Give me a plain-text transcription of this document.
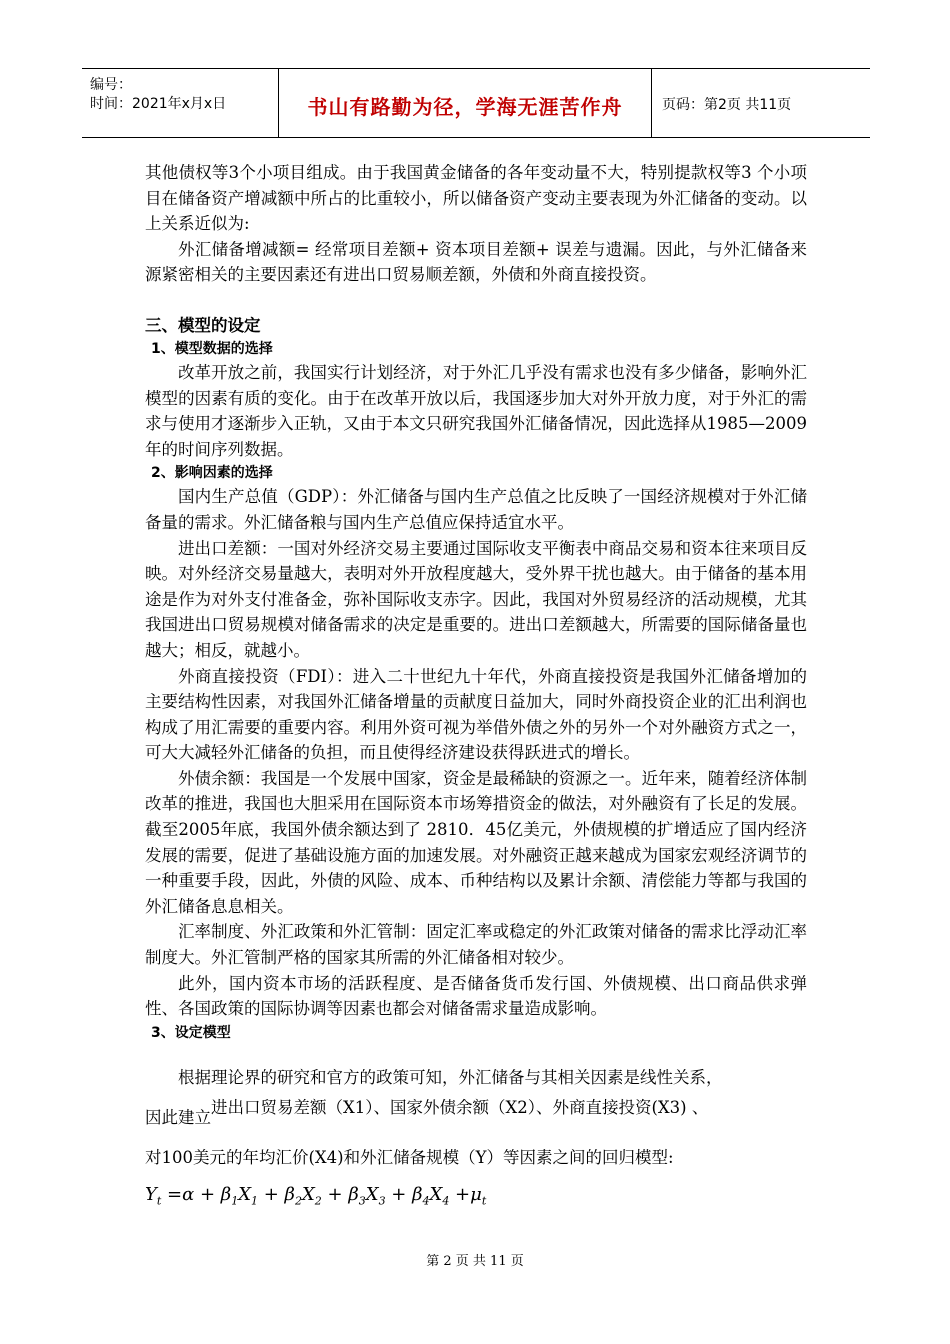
编号：
时间：2021年x月x日	书山有路勤为径，学海无涯苦作舟	页码：第2页 共11页

其他债权等3个小项目组成。由于我国黄金储备的各年变动量不大，特别提款权等3 个小项目在储备资产增减额中所占的比重较小，所以储备资产变动主要表现为外汇储备的变动。以上关系近似为:

外汇储备增减额= 经常项目差额+ 资本项目差额+ 误差与遗漏。因此，与外汇储备来源紧密相关的主要因素还有进出口贸易顺差额，外债和外商直接投资。

三、模型的设定
1、模型数据的选择

改革开放之前，我国实行计划经济，对于外汇几乎没有需求也没有多少储备，影响外汇模型的因素有质的变化。由于在改革开放以后，我国逐步加大对外开放力度，对于外汇的需求与使用才逐渐步入正轨，又由于本文只研究我国外汇储备情况，因此选择从1985—2009年的时间序列数据。

2、影响因素的选择

国内生产总值（GDP）：外汇储备与国内生产总值之比反映了一国经济规模对于外汇储备量的需求。外汇储备粮与国内生产总值应保持适宜水平。

进出口差额：一国对外经济交易主要通过国际收支平衡表中商品交易和资本往来项目反映。对外经济交易量越大，表明对外开放程度越大，受外界干扰也越大。由于储备的基本用途是作为对外支付准备金，弥补国际收支赤字。因此，我国对外贸易经济的活动规模，尤其我国进出口贸易规模对储备需求的决定是重要的。进出口差额越大，所需要的国际储备量也越大；相反，就越小。

外商直接投资（FDI）：进入二十世纪九十年代，外商直接投资是我国外汇储备增加的主要结构性因素，对我国外汇储备增量的贡献度日益加大，同时外商投资企业的汇出利润也构成了用汇需要的重要内容。利用外资可视为举借外债之外的另外一个对外融资方式之一，可大大减轻外汇储备的负担，而且使得经济建设获得跃进式的增长。

外债余额：我国是一个发展中国家，资金是最稀缺的资源之一。近年来，随着经济体制改革的推进，我国也大胆采用在国际资本市场筹措资金的做法，对外融资有了长足的发展。截至2005年底，我国外债余额达到了 2810．45亿美元，外债规模的扩增适应了国内经济发展的需要，促进了基础设施方面的加速发展。对外融资正越来越成为国家宏观经济调节的一种重要手段，因此，外债的风险、成本、币种结构以及累计余额、清偿能力等都与我国的外汇储备息息相关。

汇率制度、外汇政策和外汇管制：固定汇率或稳定的外汇政策对储备的需求比浮动汇率制度大。外汇管制严格的国家其所需的外汇储备相对较少。

此外，国内资本市场的活跃程度、是否储备货币发行国、外债规模、出口商品供求弹性、各国政策的国际协调等因素也都会对储备需求量造成影响。

3、设定模型

根据理论界的研究和官方的政策可知，外汇储备与其相关因素是线性关系，

因此建立进出口贸易差额（X1）、国家外债余额（X2）、外商直接投资(X3) 、

对100美元的年均汇价(X4)和外汇储备规模（Y）等因素之间的回归模型:

$Y_t =\alpha + \beta_1X_1 + \beta_2X_2 + \beta_3X_3 + \beta_4X_4 +\mu_t$
第 2 页 共 11 页
